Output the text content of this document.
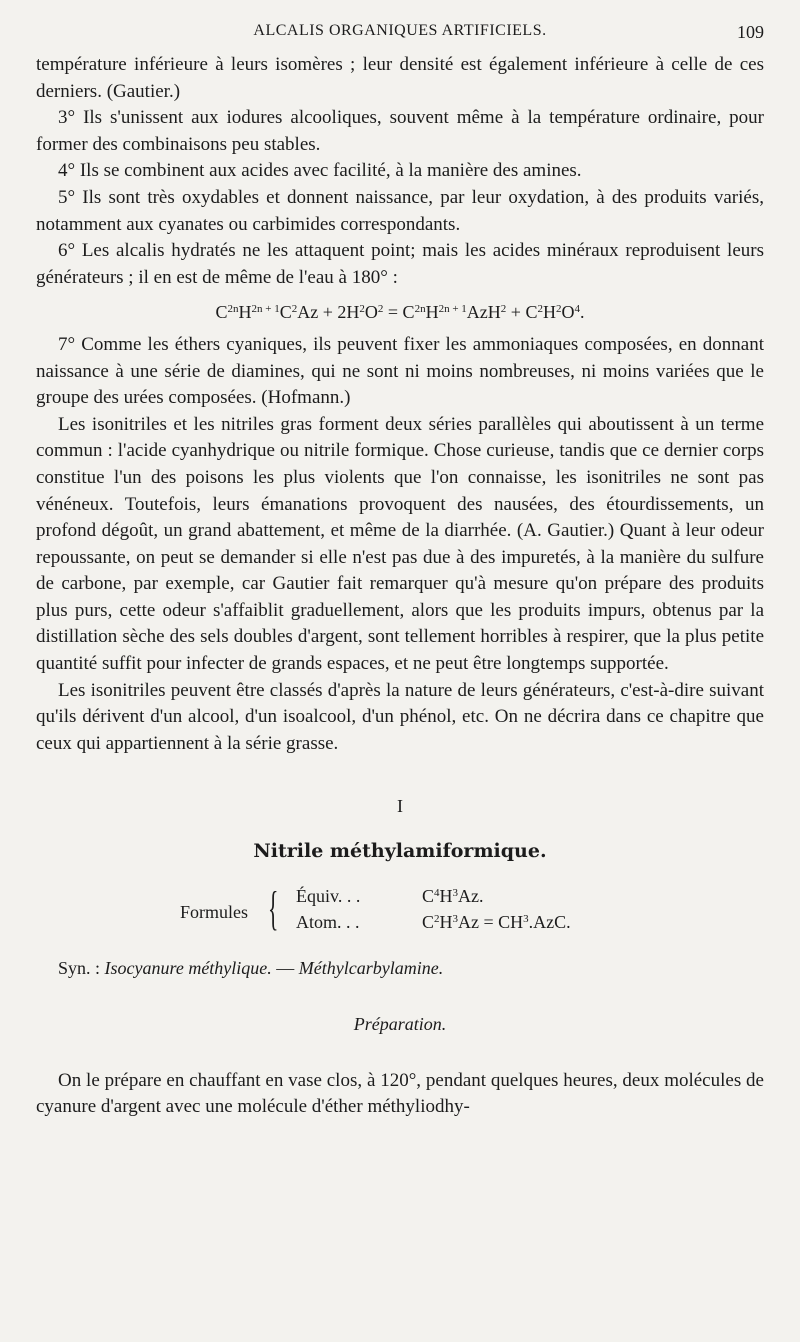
ALCALIS ORGANIQUES ARTIFICIELS.	109

température inférieure à leurs isomères ; leur densité est également inférieure à celle de ces derniers. (Gautier.)

3° Ils s'unissent aux iodures alcooliques, souvent même à la température ordinaire, pour former des combinaisons peu stables.

4° Ils se combinent aux acides avec facilité, à la manière des amines.

5° Ils sont très oxydables et donnent naissance, par leur oxydation, à des produits variés, notamment aux cyanates ou carbimides correspondants.

6° Les alcalis hydratés ne les attaquent point; mais les acides minéraux reproduisent leurs générateurs ; il en est de même de l'eau à 180° :

$C^{2n}H^{2n + 1}C^2Az + 2H^2O^2 = C^{2n}H^{2n + 1}AzH^2 + C^2H^2O^4$.

7° Comme les éthers cyaniques, ils peuvent fixer les ammoniaques composées, en donnant naissance à une série de diamines, qui ne sont ni moins nombreuses, ni moins variées que le groupe des urées composées. (Hofmann.)

Les isonitriles et les nitriles gras forment deux séries parallèles qui aboutissent à un terme commun : l'acide cyanhydrique ou nitrile formique. Chose curieuse, tandis que ce dernier corps constitue l'un des poisons les plus violents que l'on connaisse, les isonitriles ne sont pas vénéneux. Toutefois, leurs émanations provoquent des nausées, des étourdissements, un profond dégoût, un grand abattement, et même de la diarrhée. (A. Gautier.) Quant à leur odeur repoussante, on peut se demander si elle n'est pas due à des impuretés, à la manière du sulfure de carbone, par exemple, car Gautier fait remarquer qu'à mesure qu'on prépare des produits plus purs, cette odeur s'affaiblit graduellement, alors que les produits impurs, obtenus par la distillation sèche des sels doubles d'argent, sont tellement horribles à respirer, que la plus petite quantité suffit pour infecter de grands espaces, et ne peut être longtemps supportée.

Les isonitriles peuvent être classés d'après la nature de leurs générateurs, c'est-à-dire suivant qu'ils dérivent d'un alcool, d'un isoalcool, d'un phénol, etc. On ne décrira dans ce chapitre que ceux qui appartiennent à la série grasse.

I

Nitrile méthylamiformique.

Formules { Équiv. . .	$C^4H^3Az$.
Atom. . .	$C^2H^3Az = CH^3.AzC$.

Syn. : Isocyanure méthylique. — Méthylcarbylamine.

Préparation.

On le prépare en chauffant en vase clos, à 120°, pendant quelques heures, deux molécules de cyanure d'argent avec une molécule d'éther méthyliodhy-
